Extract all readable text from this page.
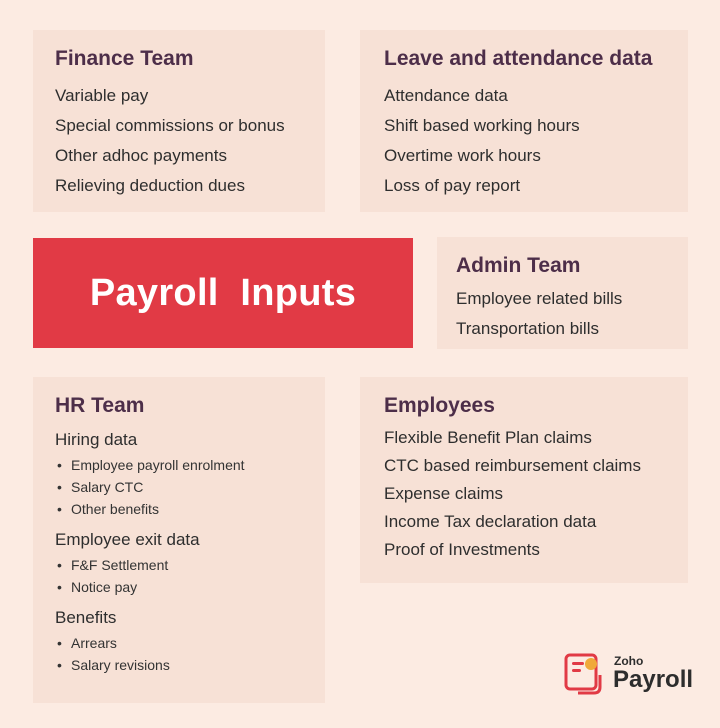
Finance Team
Variable pay
Special commissions or bonus
Other adhoc payments
Relieving deduction dues
Leave and attendance data
Attendance data
Shift based working hours
Overtime work hours
Loss of pay report
Admin Team
Employee related bills
Transportation bills
Payroll  Inputs
HR Team
Hiring data
• Employee payroll enrolment
• Salary CTC
• Other benefits
Employee exit data
• F&F Settlement
• Notice pay
Benefits
• Arrears
• Salary revisions
Employees
Flexible Benefit Plan claims
CTC based reimbursement claims
Expense claims
Income Tax declaration data
Proof of Investments
Zoho
Payroll
